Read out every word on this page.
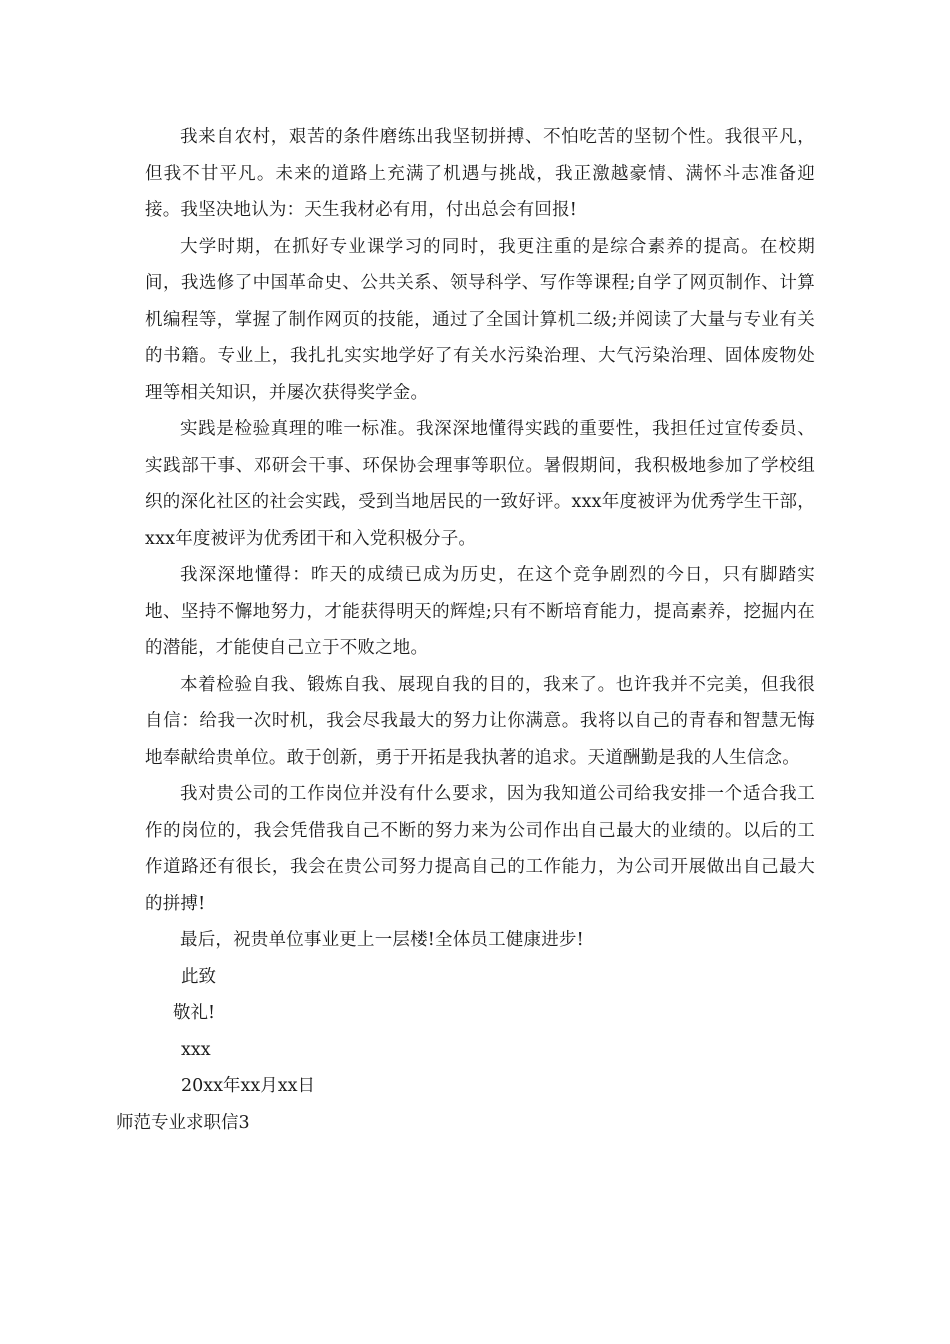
我来自农村，艰苦的条件磨练出我坚韧拼搏、不怕吃苦的坚韧个性。我很平凡，但我不甘平凡。未来的道路上充满了机遇与挑战，我正激越豪情、满怀斗志准备迎接。我坚决地认为：天生我材必有用，付出总会有回报!

大学时期，在抓好专业课学习的同时，我更注重的是综合素养的提高。在校期间，我选修了中国革命史、公共关系、领导科学、写作等课程;自学了网页制作、计算机编程等，掌握了制作网页的技能，通过了全国计算机二级;并阅读了大量与专业有关的书籍。专业上，我扎扎实实地学好了有关水污染治理、大气污染治理、固体废物处理等相关知识，并屡次获得奖学金。

实践是检验真理的唯一标准。我深深地懂得实践的重要性，我担任过宣传委员、实践部干事、邓研会干事、环保协会理事等职位。暑假期间，我积极地参加了学校组织的深化社区的社会实践，受到当地居民的一致好评。xxx年度被评为优秀学生干部，xxx年度被评为优秀团干和入党积极分子。

我深深地懂得：昨天的成绩已成为历史，在这个竞争剧烈的今日，只有脚踏实地、坚持不懈地努力，才能获得明天的辉煌;只有不断培育能力，提高素养，挖掘内在的潜能，才能使自己立于不败之地。

本着检验自我、锻炼自我、展现自我的目的，我来了。也许我并不完美，但我很自信：给我一次时机，我会尽我最大的努力让你满意。我将以自己的青春和智慧无悔地奉献给贵单位。敢于创新，勇于开拓是我执著的追求。天道酬勤是我的人生信念。

我对贵公司的工作岗位并没有什么要求，因为我知道公司给我安排一个适合我工作的岗位的，我会凭借我自己不断的努力来为公司作出自己最大的业绩的。以后的工作道路还有很长，我会在贵公司努力提高自己的工作能力，为公司开展做出自己最大的拼搏!

最后，祝贵单位事业更上一层楼!全体员工健康进步!

此致

敬礼!

xxx

20xx年xx月xx日

师范专业求职信3
